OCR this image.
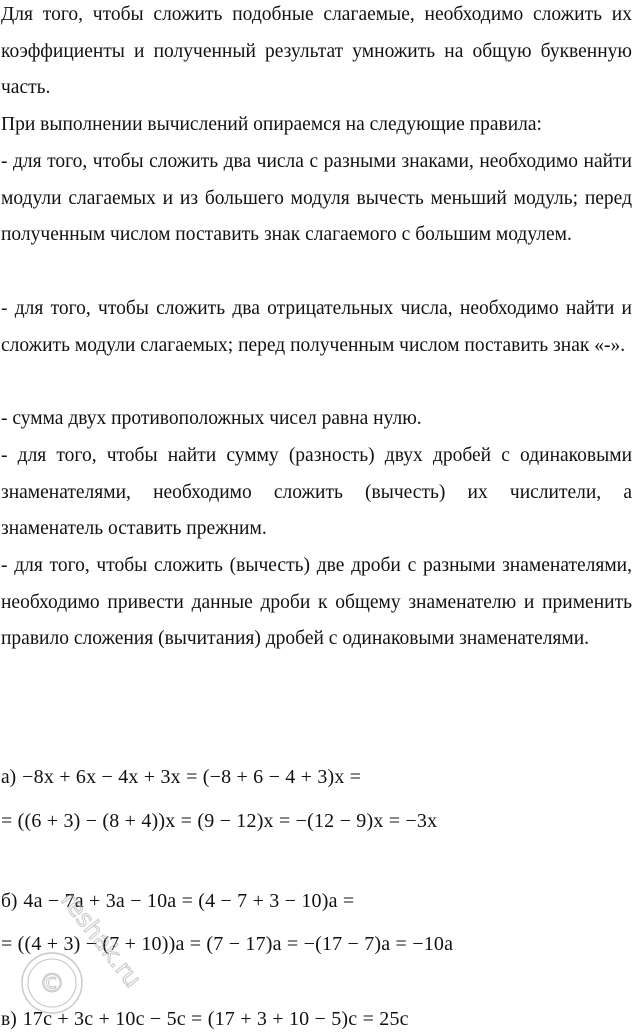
Для того, чтобы сложить подобные слагаемые, необходимо сложить их коэффициенты и полученный результат умножить на общую буквенную часть.

При выполнении вычислений опираемся на следующие правила:

- для того, чтобы сложить два числа с разными знаками, необходимо найти модули слагаемых и из большего модуля вычесть меньший модуль; перед полученным числом поставить знак слагаемого с большим модулем.

- для того, чтобы сложить два отрицательных числа, необходимо найти и сложить модули слагаемых; перед полученным числом поставить знак «-».

- сумма двух противоположных чисел равна нулю.

- для того, чтобы найти сумму (разность) двух дробей с одинаковыми знаменателями, необходимо сложить (вычесть) их числители, а знаменатель оставить прежним.

- для того, чтобы сложить (вычесть) две дроби с разными знаменателями, необходимо привести данные дроби к общему знаменателю и применить правило сложения (вычитания) дробей с одинаковыми знаменателями.

а) −8x + 6x − 4x + 3x = (−8 + 6 − 4 + 3)x =
= ((6 + 3) − (8 + 4))x = (9 − 12)x = −(12 − 9)x = −3x
б) 4a − 7a + 3a − 10a = (4 − 7 + 3 − 10)a =
= ((4 + 3) − (7 + 10))a = (7 − 17)a = −(17 − 7)a = −10a
в) 17c + 3c + 10c − 5c = (17 + 3 + 10 − 5)c = 25c
©
reshak.ru
